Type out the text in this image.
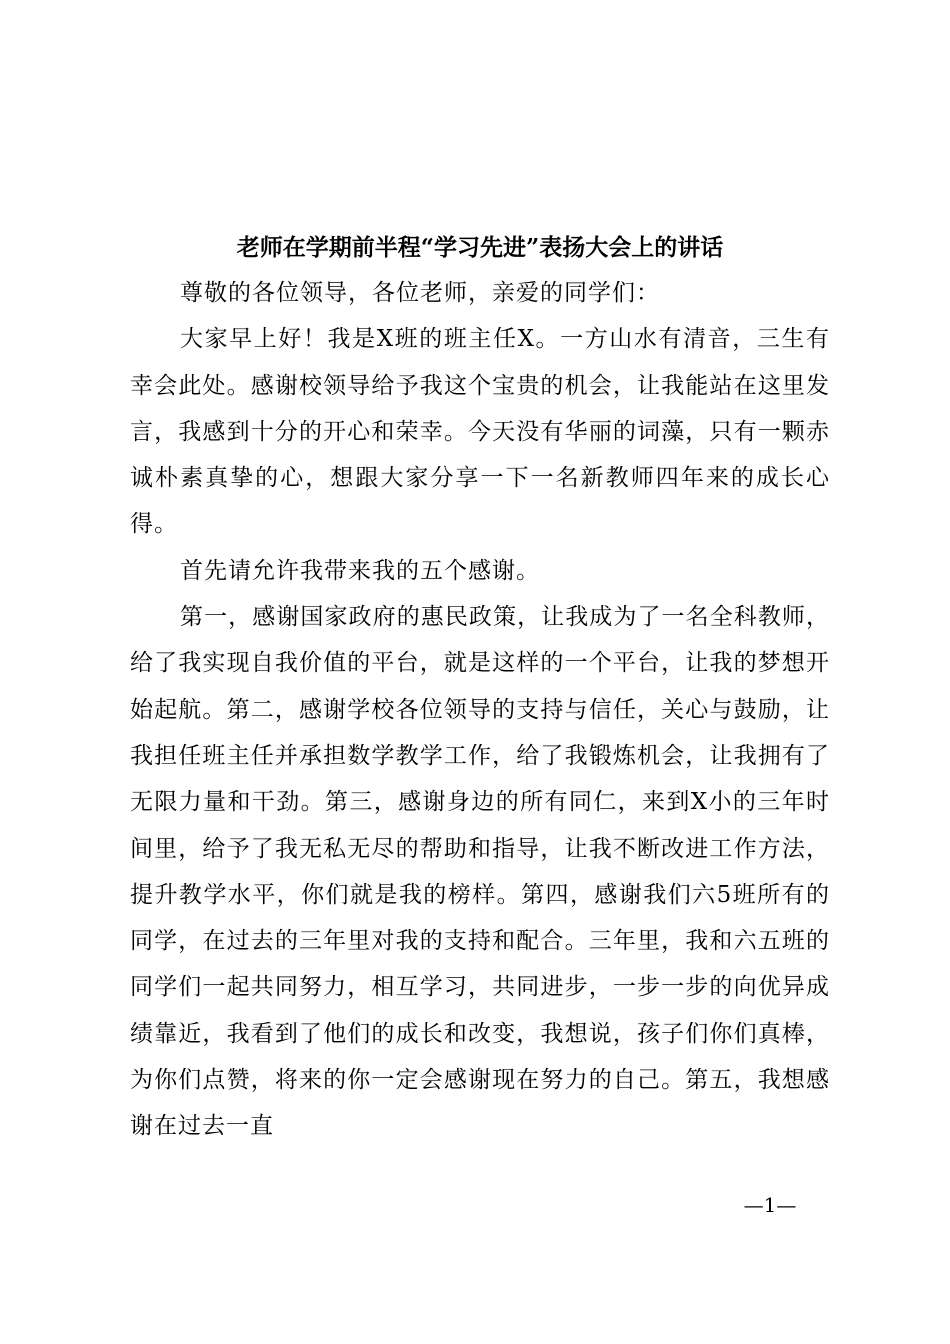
老师在学期前半程“学习先进”表扬大会上的讲话

尊敬的各位领导，各位老师，亲爱的同学们：

大家早上好！我是X班的班主任X。一方山水有清音，三生有幸会此处。感谢校领导给予我这个宝贵的机会，让我能站在这里发言，我感到十分的开心和荣幸。今天没有华丽的词藻，只有一颗赤诚朴素真挚的心，想跟大家分享一下一名新教师四年来的成长心得。

首先请允许我带来我的五个感谢。

第一，感谢国家政府的惠民政策，让我成为了一名全科教师，给了我实现自我价值的平台，就是这样的一个平台，让我的梦想开始起航。第二，感谢学校各位领导的支持与信任，关心与鼓励，让我担任班主任并承担数学教学工作，给了我锻炼机会，让我拥有了无限力量和干劲。第三，感谢身边的所有同仁，来到X小的三年时间里，给予了我无私无尽的帮助和指导，让我不断改进工作方法，提升教学水平，你们就是我的榜样。第四，感谢我们六5班所有的同学，在过去的三年里对我的支持和配合。三年里，我和六五班的同学们一起共同努力，相互学习，共同进步，一步一步的向优异成绩靠近，我看到了他们的成长和改变，我想说，孩子们你们真棒，为你们点赞，将来的你一定会感谢现在努力的自己。第五，我想感谢在过去一直

—1—
